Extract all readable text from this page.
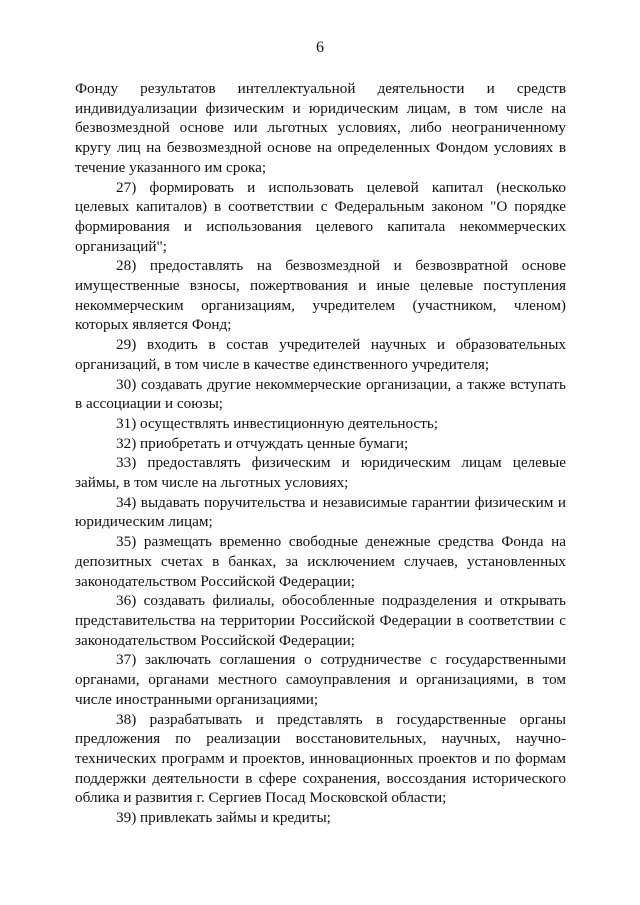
6

Фонду результатов интеллектуальной деятельности и средств индивидуализации физическим и юридическим лицам, в том числе на безвозмездной основе или льготных условиях, либо неограниченному кругу лиц на безвозмездной основе на определенных Фондом условиях в течение указанного им срока;

27) формировать и использовать целевой капитал (несколько целевых капиталов) в соответствии с Федеральным законом "О порядке формирования и использования целевого капитала некоммерческих организаций";

28) предоставлять на безвозмездной и безвозвратной основе имущественные взносы, пожертвования и иные целевые поступления некоммерческим организациям, учредителем (участником, членом) которых является Фонд;

29) входить в состав учредителей научных и образовательных организаций, в том числе в качестве единственного учредителя;

30) создавать другие некоммерческие организации, а также вступать в ассоциации и союзы;

31) осуществлять инвестиционную деятельность;

32) приобретать и отчуждать ценные бумаги;

33) предоставлять физическим и юридическим лицам целевые займы, в том числе на льготных условиях;

34) выдавать поручительства и независимые гарантии физическим и юридическим лицам;

35) размещать временно свободные денежные средства Фонда на депозитных счетах в банках, за исключением случаев, установленных законодательством Российской Федерации;

36) создавать филиалы, обособленные подразделения и открывать представительства на территории Российской Федерации в соответствии с законодательством Российской Федерации;

37) заключать соглашения о сотрудничестве с государственными органами, органами местного самоуправления и организациями, в том числе иностранными организациями;

38) разрабатывать и представлять в государственные органы предложения по реализации восстановительных, научных, научно-технических программ и проектов, инновационных проектов и по формам поддержки деятельности в сфере сохранения, воссоздания исторического облика и развития г. Сергиев Посад Московской области;

39) привлекать займы и кредиты;
